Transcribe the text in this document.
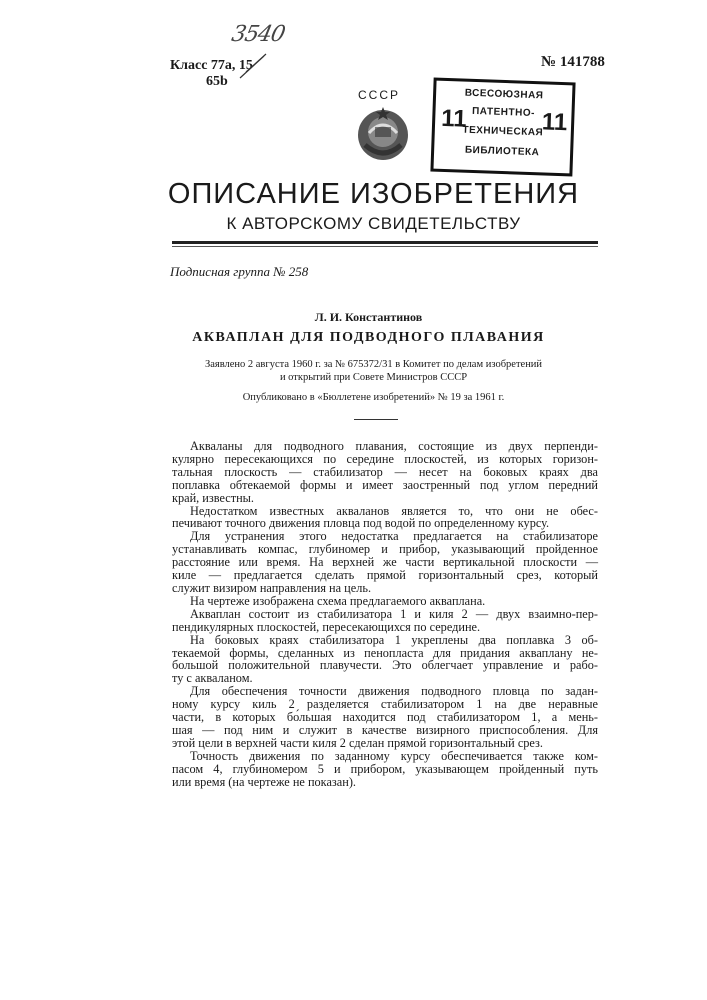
3540
Класс 77а, 15
65b
№ 141788
СССР	ВСЕСОЮЗНАЯ
ПАТЕНТНО-
ТЕХНИЧЕСКАЯ
БИБЛИОТЕКА
11	11
ОПИСАНИЕ ИЗОБРЕТЕНИЯ
К АВТОРСКОМУ СВИДЕТЕЛЬСТВУ
Подписная группа № 258
Л. И. Константинов
АКВАПЛАН ДЛЯ ПОДВОДНОГО ПЛАВАНИЯ
Заявлено 2 августа 1960 г. за № 675372/31 в Комитет по делам изобретений
и открытий при Совете Министров СССР
Опубликовано в «Бюллетене изобретений» № 19 за 1961 г.
Акваланы для подводного плавания, состоящие из двух перпенди-
кулярно пересекающихся по середине плоскостей, из которых горизон-
тальная плоскость — стабилизатор — несет на боковых краях два
поплавка обтекаемой формы и имеет заостренный под углом передний
край, известны.
Недостатком известных акваланов является то, что они не обес-
печивают точного движения пловца под водой по определенному курсу.
Для устранения этого недостатка предлагается на стабилизаторе
устанавливать компас, глубиномер и прибор, указывающий пройденное
расстояние или время. На верхней же части вертикальной плоскости —
киле — предлагается сделать прямой горизонтальный срез, который
служит визиром направления на цель.
На чертеже изображена схема предлагаемого акваплана.
Акваплан состоит из стабилизатора 1 и киля 2 — двух взаимно-пер-
пендикулярных плоскостей, пересекающихся по середине.
На боковых краях стабилизатора 1 укреплены два поплавка 3 об-
текаемой формы, сделанных из пенопласта для придания акваплану не-
большой положительной плавучести. Это облегчает управление и рабо-
ту с акваланом.
Для обеспечения точности движения подводного пловца по задан-
ному курсу киль 2 разделяется стабилизатором 1 на две неравные
части, в которых бо́льшая находится под стабилизатором 1, а мень-
шая — под ним и служит в качестве визирного приспособления. Для
этой цели в верхней части киля 2 сделан прямой горизонтальный срез.
Точность движения по заданному курсу обеспечивается также ком-
пасом 4, глубиномером 5 и прибором, указывающем пройденный путь
или время (на чертеже не показан).
